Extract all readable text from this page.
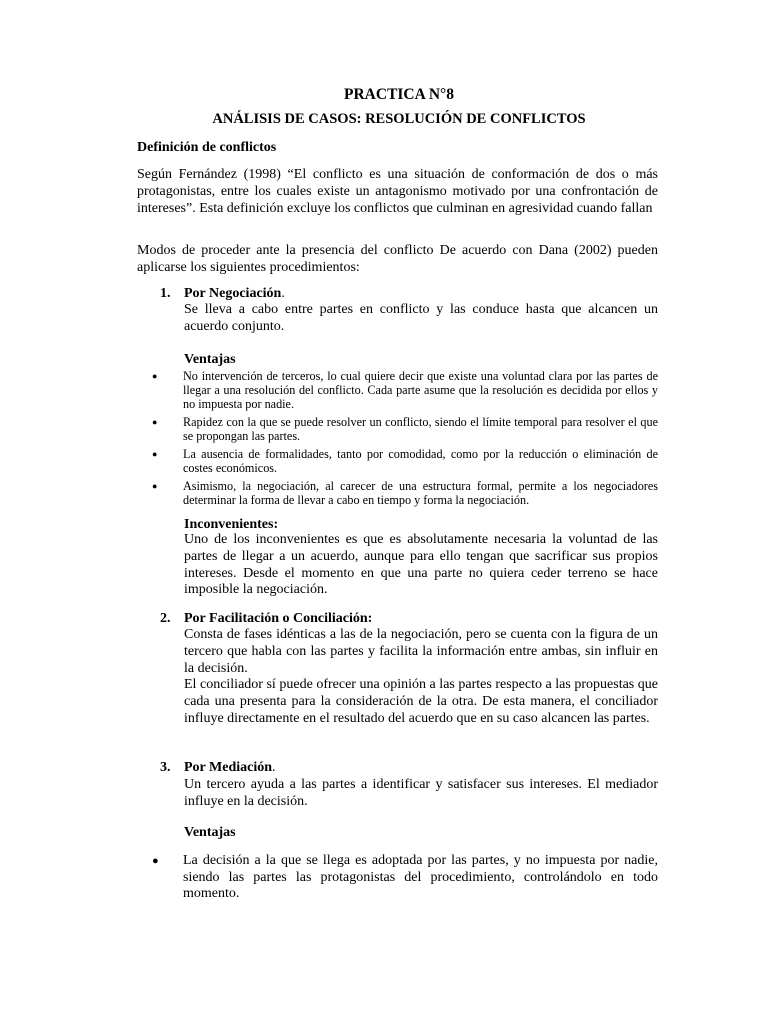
PRACTICA N°8
ANÁLISIS DE CASOS: RESOLUCIÓN DE CONFLICTOS
Definición de conflictos

Según Fernández (1998) “El conflicto es una situación de conformación de dos o más protagonistas, entre los cuales existe un antagonismo motivado por una confrontación de intereses”. Esta definición excluye los conflictos que culminan en agresividad cuando fallan

Modos de proceder ante la presencia del conflicto De acuerdo con Dana (2002) pueden aplicarse los siguientes procedimientos:

1. Por Negociación.

Se lleva a cabo entre partes en conflicto y las conduce hasta que alcancen un acuerdo conjunto.

Ventajas
● No intervención de terceros, lo cual quiere decir que existe una voluntad clara por las partes de llegar a una resolución del conflicto. Cada parte asume que la resolución es decidida por ellos y no impuesta por nadie.
● Rapidez con la que se puede resolver un conflicto, siendo el límite temporal para resolver el que se propongan las partes.
● La ausencia de formalidades, tanto por comodidad, como por la reducción o eliminación de costes económicos.
● Asimismo, la negociación, al carecer de una estructura formal, permite a los negociadores determinar la forma de llevar a cabo en tiempo y forma la negociación.
Inconvenientes:

Uno de los inconvenientes es que es absolutamente necesaria la voluntad de las partes de llegar a un acuerdo, aunque para ello tengan que sacrificar sus propios intereses. Desde el momento en que una parte no quiera ceder terreno se hace imposible la negociación.

2. Por Facilitación o Conciliación:

Consta de fases idénticas a las de la negociación, pero se cuenta con la figura de un tercero que habla con las partes y facilita la información entre ambas, sin influir en la decisión.

El conciliador sí puede ofrecer una opinión a las partes respecto a las propuestas que cada una presenta para la consideración de la otra. De esta manera, el conciliador influye directamente en el resultado del acuerdo que en su caso alcancen las partes.

3. Por Mediación.

Un tercero ayuda a las partes a identificar y satisfacer sus intereses. El mediador influye en la decisión.

Ventajas
● La decisión a la que se llega es adoptada por las partes, y no impuesta por nadie, siendo las partes las protagonistas del procedimiento, controlándolo en todo momento.
